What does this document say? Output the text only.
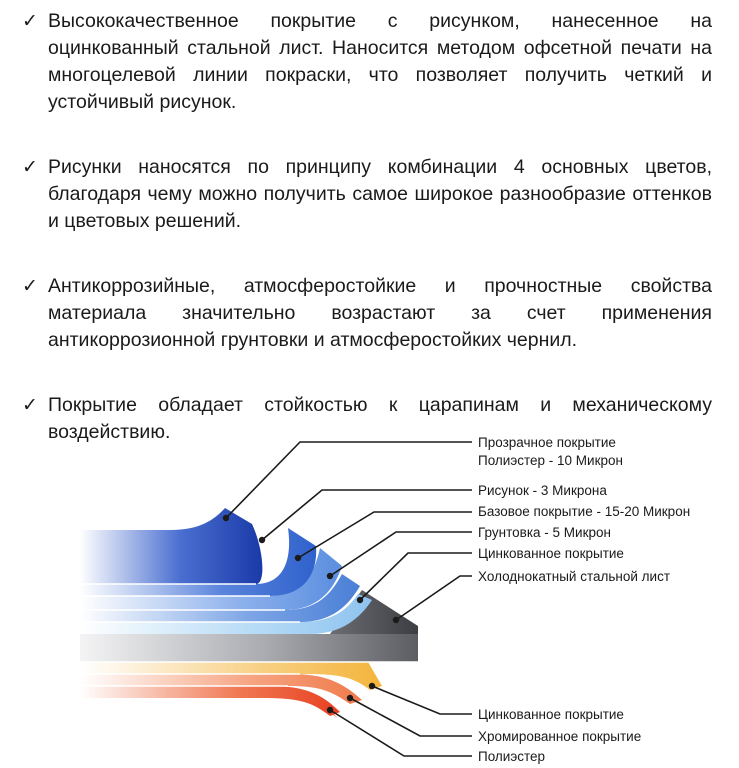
✓ Высококачественное покрытие с рисунком, нанесенное на оцинкованный стальной лист. Наносится методом офсетной печати на многоцелевой линии покраски, что позволяет получить четкий и устойчивый рисунок.
✓ Рисунки наносятся по принципу комбинации 4 основных цветов, благодаря чему можно получить самое широкое разнообразие оттенков и цветовых решений.
✓ Антикоррозийные, атмосферостойкие и прочностные свойства материала значительно возрастают за счет применения антикоррозионной грунтовки и атмосферостойких чернил.
✓ Покрытие обладает стойкостью к царапинам и механическому воздействию.	Прозрачное покрытие
Полиэстер - 10 Микрон
Рисунок - 3 Микрона
Базовое покрытие - 15-20 Микрон
Грунтовка - 5 Микрон
Цинкованное покрытие
Холоднокатный стальной лист
Цинкованное покрытие
Хромированное покрытие
Полиэстер
